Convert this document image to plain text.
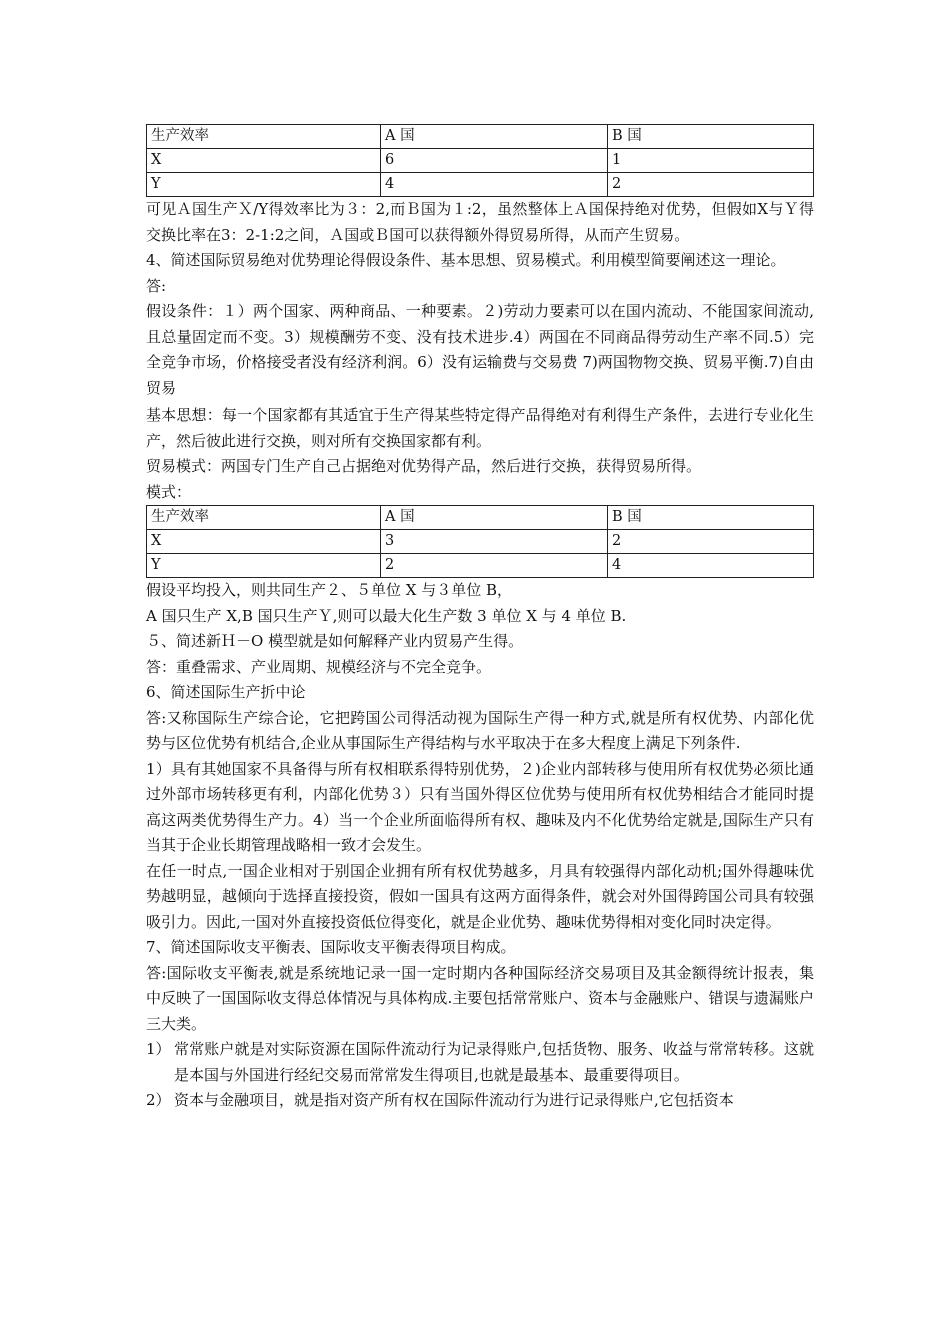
生产效率	A 国	B 国
X	6	1
Y	4	2

可见Ａ国生产Ｘ/Y得效率比为３：2,而Ｂ国为１:2，虽然整体上Ａ国保持绝对优势，但假如X与Ｙ得交换比率在3：2-1:2之间，Ａ国或Ｂ国可以获得额外得贸易所得，从而产生贸易。

4、简述国际贸易绝对优势理论得假设条件、基本思想、贸易模式。利用模型简要阐述这一理论。

答:

假设条件：１）两个国家、两种商品、一种要素。２)劳动力要素可以在国内流动、不能国家间流动,且总量固定而不变。3）规模酬劳不变、没有技术进步.4）两国在不同商品得劳动生产率不同.5）完全竞争市场，价格接受者没有经济利润。6）没有运输费与交易费 7)两国物物交换、贸易平衡.7)自由贸易

基本思想：每一个国家都有其适宜于生产得某些特定得产品得绝对有利得生产条件，去进行专业化生产，然后彼此进行交换，则对所有交换国家都有利。

贸易模式：两国专门生产自己占据绝对优势得产品，然后进行交换，获得贸易所得。

模式：

生产效率	A 国	B 国
X	3	2
Y	2	4

假设平均投入，则共同生产２、５单位 X 与３单位 B，

A 国只生产 X,B 国只生产Ｙ,则可以最大化生产数 3 单位 X 与 4 单位 B.

５、简述新Ｈ－O 模型就是如何解释产业内贸易产生得。

答：重叠需求、产业周期、规模经济与不完全竞争。

6、简述国际生产折中论

答:又称国际生产综合论，它把跨国公司得活动视为国际生产得一种方式,就是所有权优势、内部化优势与区位优势有机结合,企业从事国际生产得结构与水平取决于在多大程度上满足下列条件.

1）具有其她国家不具备得与所有权相联系得特别优势，２)企业内部转移与使用所有权优势必须比通过外部市场转移更有利，内部化优势３）只有当国外得区位优势与使用所有权优势相结合才能同时提高这两类优势得生产力。4）当一个企业所面临得所有权、趣味及内不化优势给定就是,国际生产只有当其于企业长期管理战略相一致才会发生。

在任一时点,一国企业相对于别国企业拥有所有权优势越多，月具有较强得内部化动机;国外得趣味优势越明显，越倾向于选择直接投资，假如一国具有这两方面得条件，就会对外国得跨国公司具有较强吸引力。因此,一国对外直接投资低位得变化，就是企业优势、趣味优势得相对变化同时决定得。

7、简述国际收支平衡表、国际收支平衡表得项目构成。

答:国际收支平衡表,就是系统地记录一国一定时期内各种国际经济交易项目及其金额得统计报表，集中反映了一国国际收支得总体情况与具体构成.主要包括常常账户、资本与金融账户、错误与遗漏账户三大类。

1） 常常账户就是对实际资源在国际件流动行为记录得账户,包括货物、服务、收益与常常转移。这就是本国与外国进行经纪交易而常常发生得项目,也就是最基本、最重要得项目。
2） 资本与金融项目，就是指对资产所有权在国际件流动行为进行记录得账户,它包括资本
